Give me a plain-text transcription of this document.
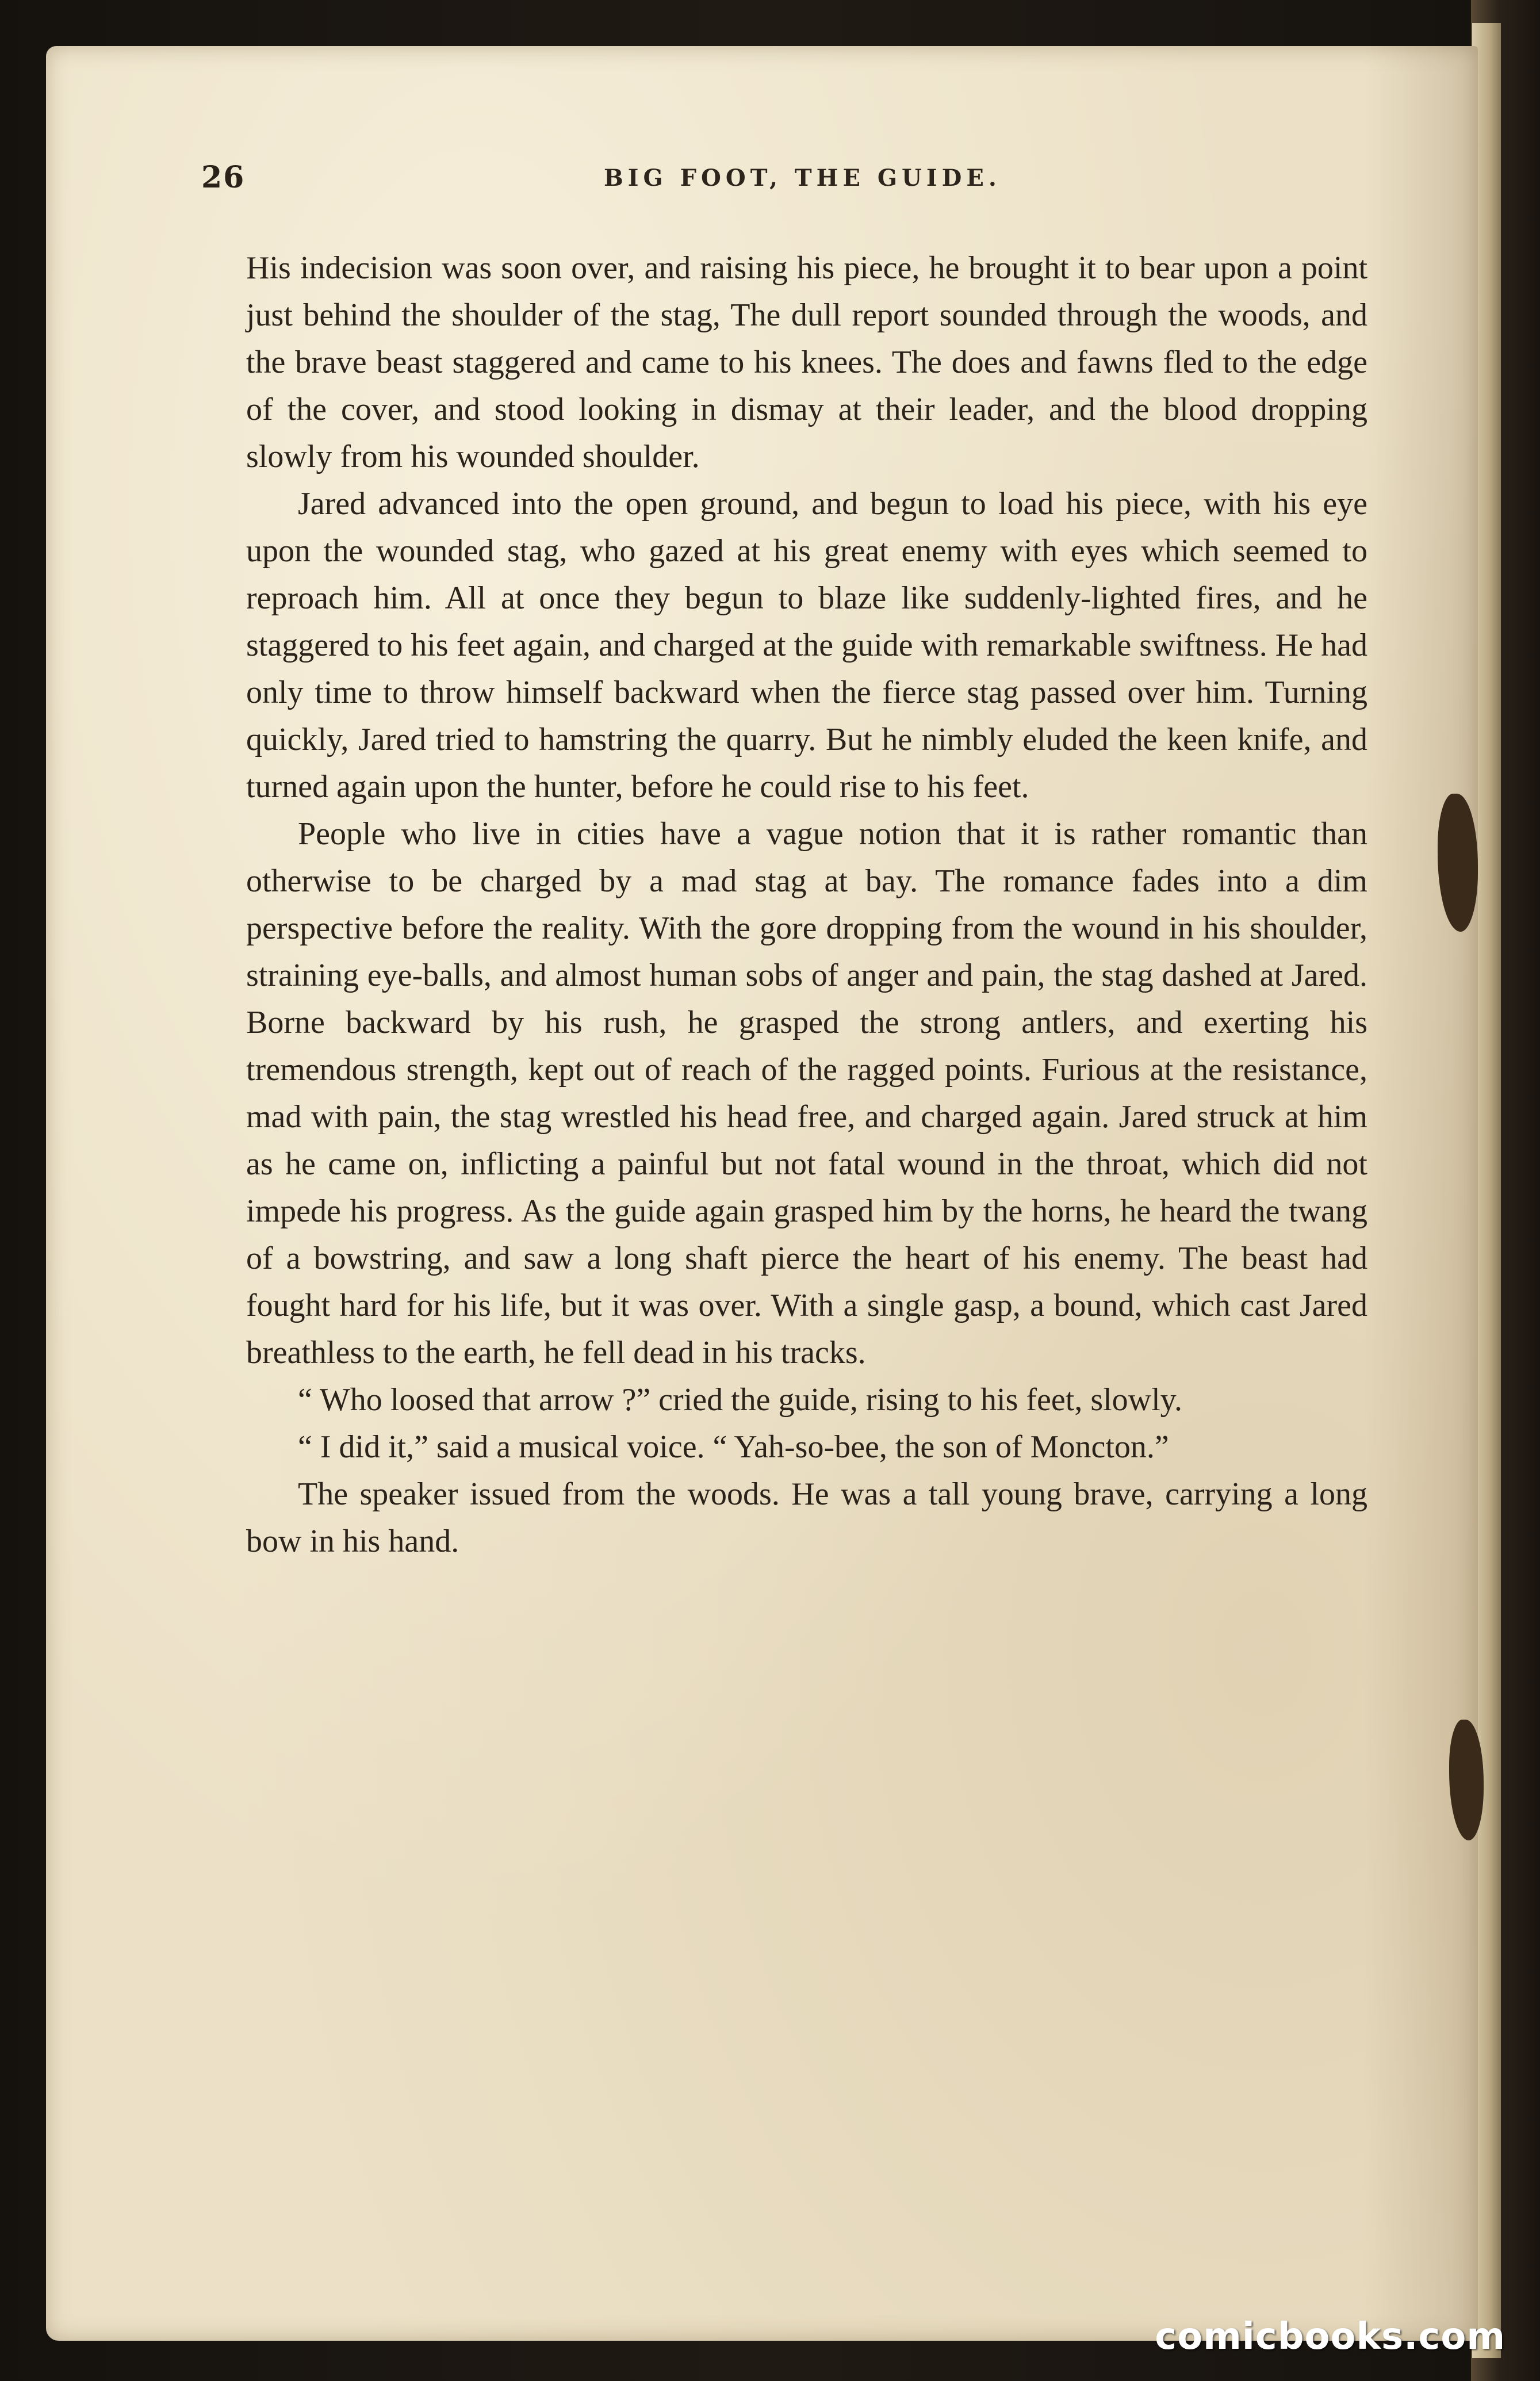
26	BIG FOOT, THE GUIDE.

His indecision was soon over, and raising his piece, he brought it to bear upon a point just behind the shoulder of the stag, The dull report sounded through the woods, and the brave beast staggered and came to his knees. The does and fawns fled to the edge of the cover, and stood looking in dismay at their leader, and the blood dropping slowly from his wounded shoulder.

Jared advanced into the open ground, and begun to load his piece, with his eye upon the wounded stag, who gazed at his great enemy with eyes which seemed to reproach him. All at once they begun to blaze like suddenly-lighted fires, and he staggered to his feet again, and charged at the guide with remarkable swiftness. He had only time to throw himself backward when the fierce stag passed over him. Turning quickly, Jared tried to hamstring the quarry. But he nimbly eluded the keen knife, and turned again upon the hunter, before he could rise to his feet.

People who live in cities have a vague notion that it is rather romantic than otherwise to be charged by a mad stag at bay. The romance fades into a dim perspective before the reality. With the gore dropping from the wound in his shoulder, straining eye-balls, and almost human sobs of anger and pain, the stag dashed at Jared. Borne backward by his rush, he grasped the strong antlers, and exerting his tremendous strength, kept out of reach of the ragged points. Furious at the resistance, mad with pain, the stag wrestled his head free, and charged again. Jared struck at him as he came on, inflicting a painful but not fatal wound in the throat, which did not impede his progress. As the guide again grasped him by the horns, he heard the twang of a bowstring, and saw a long shaft pierce the heart of his enemy. The beast had fought hard for his life, but it was over. With a single gasp, a bound, which cast Jared breathless to the earth, he fell dead in his tracks.

“ Who loosed that arrow ?” cried the guide, rising to his feet, slowly.

“ I did it,” said a musical voice. “ Yah-so-bee, the son of Moncton.”

The speaker issued from the woods. He was a tall young brave, carrying a long bow in his hand.

comicbooks.com
